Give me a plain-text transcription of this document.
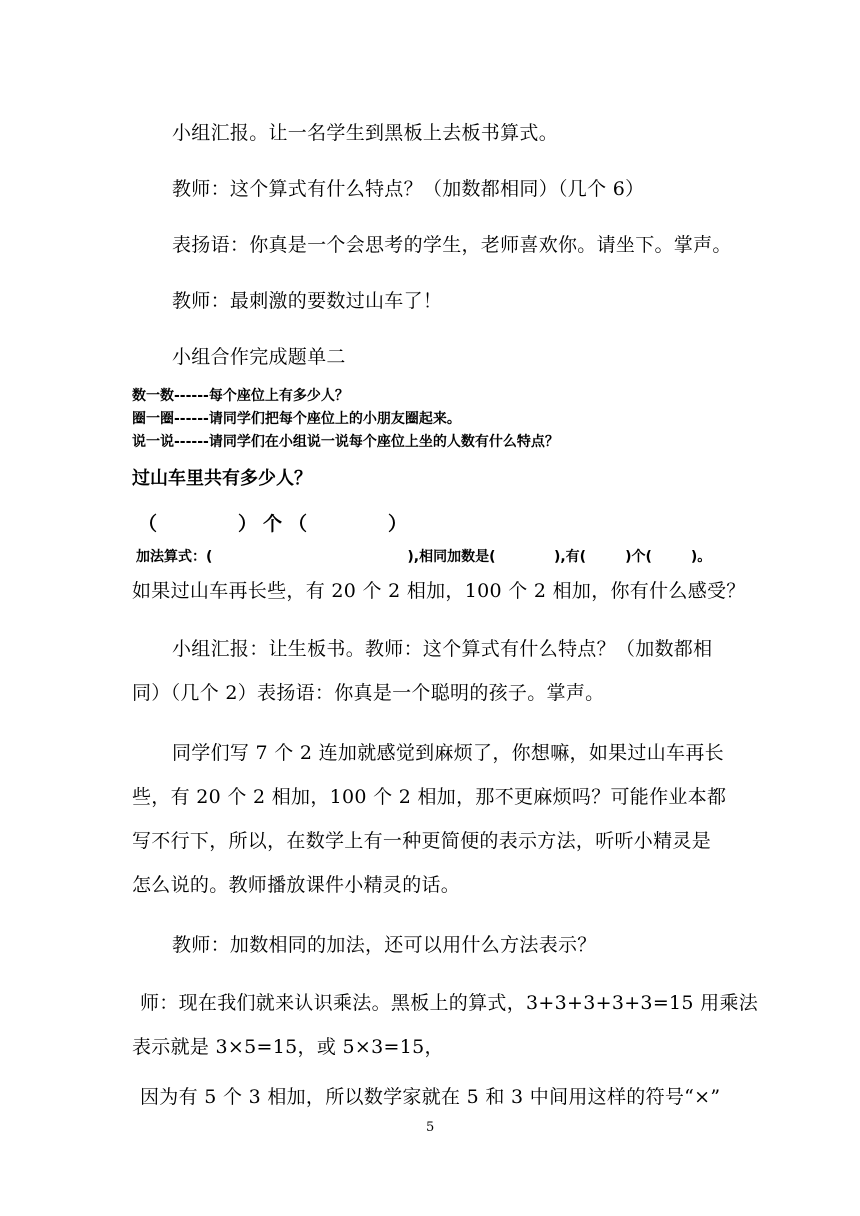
小组汇报。让一名学生到黑板上去板书算式。
教师：这个算式有什么特点？（加数都相同）（几个 6）
表扬语：你真是一个会思考的学生，老师喜欢你。请坐下。掌声。
教师：最刺激的要数过山车了！
小组合作完成题单二
数一数------每个座位上有多少人？
圈一圈------请同学们把每个座位上的小朋友圈起来。
说一说------请同学们在小组说一说每个座位上坐的人数有什么特点？
过山车里共有多少人？
（　　　）个（　　　）
加法算式：(                                        ),相同加数是(            ),有(        )个(        )。
如果过山车再长些，有 20 个 2 相加，100 个 2 相加，你有什么感受？
小组汇报：让生板书。教师：这个算式有什么特点？（加数都相
同）（几个 2）表扬语：你真是一个聪明的孩子。掌声。
同学们写 7 个 2 连加就感觉到麻烦了，你想嘛，如果过山车再长
些，有 20 个 2 相加，100 个 2 相加，那不更麻烦吗？可能作业本都
写不行下，所以，在数学上有一种更简便的表示方法，听听小精灵是
怎么说的。教师播放课件小精灵的话。
教师：加数相同的加法，还可以用什么方法表示？
师：现在我们就来认识乘法。黑板上的算式，3+3+3+3+3=15 用乘法
表示就是 3×5=15，或 5×3=15，
因为有 5 个 3 相加，所以数学家就在 5 和 3 中间用这样的符号“×”
5
